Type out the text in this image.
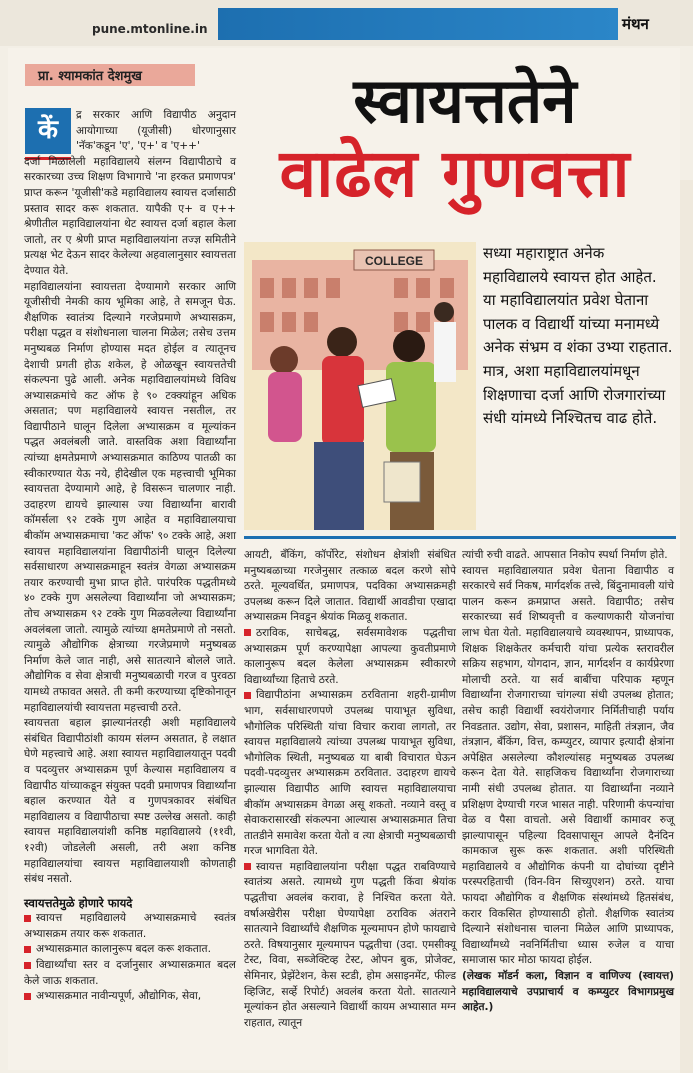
pune.mtonline.in	मंथन
प्रा. श्यामकांत देशमुख	स्वायत्ततेने
वाढेल गुणवत्ता
COLLEGE	सध्या महाराष्ट्रात अनेक महाविद्यालये स्वायत्त होत आहेत. या महाविद्यालयांत प्रवेश घेताना पालक व विद्यार्थी यांच्या मनामध्ये अनेक संभ्रम व शंका उभ्या राहतात. मात्र, अशा महाविद्यालयांमधून शिक्षणाचा दर्जा आणि रोजगारांच्या संधी यांमध्ये निश्चितच वाढ होते.
कें	द्र सरकार आणि विद्यापीठ अनुदान आयोगाच्या (यूजीसी) धोरणानुसार 'नॅक'कडून 'ए', 'ए+' व 'ए++'

दर्जा मिळालेली महाविद्यालये संलग्न विद्यापीठाचे व सरकारच्या उच्च शिक्षण विभागाचे 'ना हरकत प्रमाणपत्र' प्राप्त करून 'यूजीसी'कडे महाविद्यालय स्वायत्त दर्जासाठी प्रस्ताव सादर करू शकतात. यापैकी ए+ व ए++ श्रेणीतील महाविद्यालयांना थेट स्वायत्त दर्जा बहाल केला जातो, तर ए श्रेणी प्राप्त महाविद्यालयांना तज्ज्ञ समितीने प्रत्यक्ष भेट देऊन सादर केलेल्या अहवालानुसार स्वायत्तता देण्यात येते.

महाविद्यालयांना स्वायत्तता देण्यामागे सरकार आणि यूजीसीची नेमकी काय भूमिका आहे, ते समजून घेऊ. शैक्षणिक स्वातंत्र्य दिल्याने गरजेप्रमाणे अभ्यासक्रम, परीक्षा पद्धत व संशोधनाला चालना मिळेल; तसेच उत्तम मनुष्यबळ निर्माण होण्यास मदत होईल व त्यातूनच देशाची प्रगती होऊ शकेल, हे ओळखून स्वायत्ततेची संकल्पना पुढे आली. अनेक महाविद्यालयांमध्ये विविध अभ्यासक्रमांचे कट ऑफ हे ९० टक्क्यांहून अधिक असतात; पण महाविद्यालये स्वायत्त नसतील, तर विद्यापीठाने घालून दिलेला अभ्यासक्रम व मूल्यांकन पद्धत अवलंबली जाते. वास्तविक अशा विद्यार्थ्यांना त्यांच्या क्षमतेप्रमाणे अभ्यासक्रमात काठिण्य पातळी का स्वीकारण्यात येऊ नये, हीदेखील एक महत्त्वाची भूमिका स्वायत्तता देण्यामागे आहे, हे विसरून चालणार नाही. उदाहरण द्यायचे झाल्यास ज्या विद्यार्थ्यांना बारावी कॉमर्सला ९२ टक्के गुण आहेत व महाविद्यालयाचा बीकॉम अभ्यासक्रमाचा 'कट ऑफ' ९० टक्के आहे, अशा स्वायत्त महाविद्यालयांना विद्यापीठांनी घालून दिलेल्या सर्वसाधारण अभ्यासक्रमाहून स्वतंत्र वेगळा अभ्यासक्रम तयार करण्याची मुभा प्राप्त होते. पारंपरिक पद्धतीमध्ये ४० टक्के गुण असलेल्या विद्यार्थ्यांना जो अभ्यासक्रम; तोच अभ्यासक्रम ९२ टक्के गुण मिळवलेल्या विद्यार्थ्यांना अवलंबला जातो. त्यामुळे त्यांच्या क्षमतेप्रमाणे तो नसतो. त्यामुळे औद्योगिक क्षेत्राच्या गरजेप्रमाणे मनुष्यबळ निर्माण केले जात नाही, असे सातत्याने बोलले जाते. औद्योगिक व सेवा क्षेत्राची मनुष्यबळाची गरज व पुरवठा यामध्ये तफावत असते. ती कमी करण्याच्या दृष्टिकोनातून महाविद्यालयांची स्वायत्तता महत्त्वाची ठरते.

स्वायत्तता बहाल झाल्यानंतरही अशी महाविद्यालये संबंधित विद्यापीठांशी कायम संलग्न असतात, हे लक्षात घेणे महत्त्वाचे आहे. अशा स्वायत्त महाविद्यालयातून पदवी व पदव्युत्तर अभ्यासक्रम पूर्ण केल्यास महाविद्यालय व विद्यापीठ यांच्याकडून संयुक्त पदवी प्रमाणपत्र विद्यार्थ्यांना बहाल करण्यात येते व गुणपत्रकावर संबंधित महाविद्यालय व विद्यापीठाचा स्पष्ट उल्लेख असतो. काही स्वायत्त महाविद्यालयांशी कनिष्ठ महाविद्यालये (११वी, १२वी) जोडलेली असली, तरी अशा कनिष्ठ महाविद्यालयांचा स्वायत्त महाविद्यालयाशी कोणताही संबंध नसतो.

स्वायत्ततेमुळे होणारे फायदे
स्वायत्त महाविद्यालये अभ्यासक्रमाचे स्वतंत्र अभ्यासक्रम तयार करू शकतात.
अभ्यासक्रमात कालानुरूप बदल करू शकतात.
विद्यार्थ्यांचा स्तर व दर्जानुसार अभ्यासक्रमात बदल केले जाऊ शकतात.
अभ्यासक्रमात नावीन्यपूर्ण, औद्योगिक, सेवा,

आयटी, बँकिंग, कॉर्पोरेट, संशोधन क्षेत्रांशी संबंधित मनुष्यबळाच्या गरजेनुसार तत्काळ बदल करणे सोपे ठरते. मूल्यवर्धित, प्रमाणपत्र, पदविका अभ्यासक्रमही उपलब्ध करून दिले जातात. विद्यार्थी आवडीचा एखादा अभ्यासक्रम निवडून श्रेयांक मिळवू शकतात.

ठराविक, साचेबद्ध, सर्वसमावेशक पद्धतीचा अभ्यासक्रम पूर्ण करण्यापेक्षा आपल्या कुवतीप्रमाणे कालानुरूप बदल केलेला अभ्यासक्रम स्वीकारणे विद्यार्थ्यांच्या हिताचे ठरते.

विद्यापीठांना अभ्यासक्रम ठरविताना शहरी-ग्रामीण भाग, सर्वसाधारणपणे उपलब्ध पायाभूत सुविधा, भौगोलिक परिस्थिती यांचा विचार करावा लागतो, तर स्वायत्त महाविद्यालये त्यांच्या उपलब्ध पायाभूत सुविधा, भौगोलिक स्थिती, मनुष्यबळ या बाबी विचारात घेऊन पदवी-पदव्युत्तर अभ्यासक्रम ठरवितात. उदाहरण द्यायचे झाल्यास विद्यापीठ आणि स्वायत्त महाविद्यालयाचा बीकॉम अभ्यासक्रम वेगळा असू शकतो. नव्याने वस्तू व सेवाकरासारखी संकल्पना आल्यास अभ्यासक्रमात तिचा तातडीने समावेश करता येतो व त्या क्षेत्राची मनुष्यबळाची गरज भागविता येते.

स्वायत्त महाविद्यालयांना परीक्षा पद्धत राबविण्याचे स्वातंत्र्य असते. त्यामध्ये गुण पद्धती किंवा श्रेयांक पद्धतीचा अवलंब करावा, हे निश्चित करता येते. वर्षाअखेरीस परीक्षा घेण्यापेक्षा ठराविक अंतराने सातत्याने विद्यार्थ्यांचे शैक्षणिक मूल्यमापन होणे फायद्याचे ठरते. विषयानुसार मूल्यमापन पद्धतीचा (उदा. एमसीक्यू टेस्ट, विवा, सब्जेक्टिव्ह टेस्ट, ओपन बुक, प्रोजेक्ट, सेमिनार, प्रेझेंटेशन, केस स्टडी, होम असाइनमेंट, फील्ड व्हिजिट, सर्व्हे रिपोर्ट) अवलंब करता येतो. सातत्याने मूल्यांकन होत असल्याने विद्यार्थी कायम अभ्यासात मग्न राहतात, त्यातून

त्यांची रुची वाढते. आपसात निकोप स्पर्धा निर्माण होते.

स्वायत्त महाविद्यालयात प्रवेश घेताना विद्यापीठ व सरकारचे सर्व निकष, मार्गदर्शक तत्त्वे, बिंदुनामावली यांचे पालन करून क्रमप्राप्त असते. विद्यापीठ; तसेच सरकारच्या सर्व शिष्यवृत्ती व कल्याणकारी योजनांचा लाभ घेता येतो. महाविद्यालयाचे व्यवस्थापन, प्राध्यापक, शिक्षक शिक्षकेतर कर्मचारी यांचा प्रत्येक स्तरावरील सक्रिय सहभाग, योगदान, ज्ञान, मार्गदर्शन व कार्यप्रेरणा मोलाची ठरते. या सर्व बाबींचा परिपाक म्हणून विद्यार्थ्यांना रोजगाराच्या चांगल्या संधी उपलब्ध होतात; तसेच काही विद्यार्थी स्वयंरोजगार निर्मितीचाही पर्याय निवडतात. उद्योग, सेवा, प्रशासन, माहिती तंत्रज्ञान, जैव तंत्रज्ञान, बँकिंग, वित्त, कम्प्युटर, व्यापार इत्यादी क्षेत्रांना अपेक्षित असलेल्या कौशल्यांसह मनुष्यबळ उपलब्ध करून देता येते. साहजिकच विद्यार्थ्यांना रोजगाराच्या नामी संधी उपलब्ध होतात. या विद्यार्थ्यांना नव्याने प्रशिक्षण देण्याची गरज भासत नाही. परिणामी कंपन्यांचा वेळ व पैसा वाचतो. असे विद्यार्थी कामावर रुजू झाल्यापासून पहिल्या दिवसापासून आपले दैनंदिन कामकाज सुरू करू शकतात. अशी परिस्थिती महाविद्यालये व औद्योगिक कंपनी या दोघांच्या दृष्टीने परस्परहिताची (विन-विन सिच्युएशन) ठरते. याचा फायदा औद्योगिक व शैक्षणिक संस्थांमध्ये हितसंबंध, करार विकसित होण्यासाठी होतो. शैक्षणिक स्वातंत्र्य दिल्याने संशोधनास चालना मिळेल आणि प्राध्यापक, विद्यार्थ्यांमध्ये नवनिर्मितीचा ध्यास रुजेल व याचा समाजास फार मोठा फायदा होईल.

(लेखक मॉडर्न कला, विज्ञान व वाणिज्य (स्वायत्त) महाविद्यालयाचे उपप्राचार्य व कम्प्युटर विभागप्रमुख आहेत.)
